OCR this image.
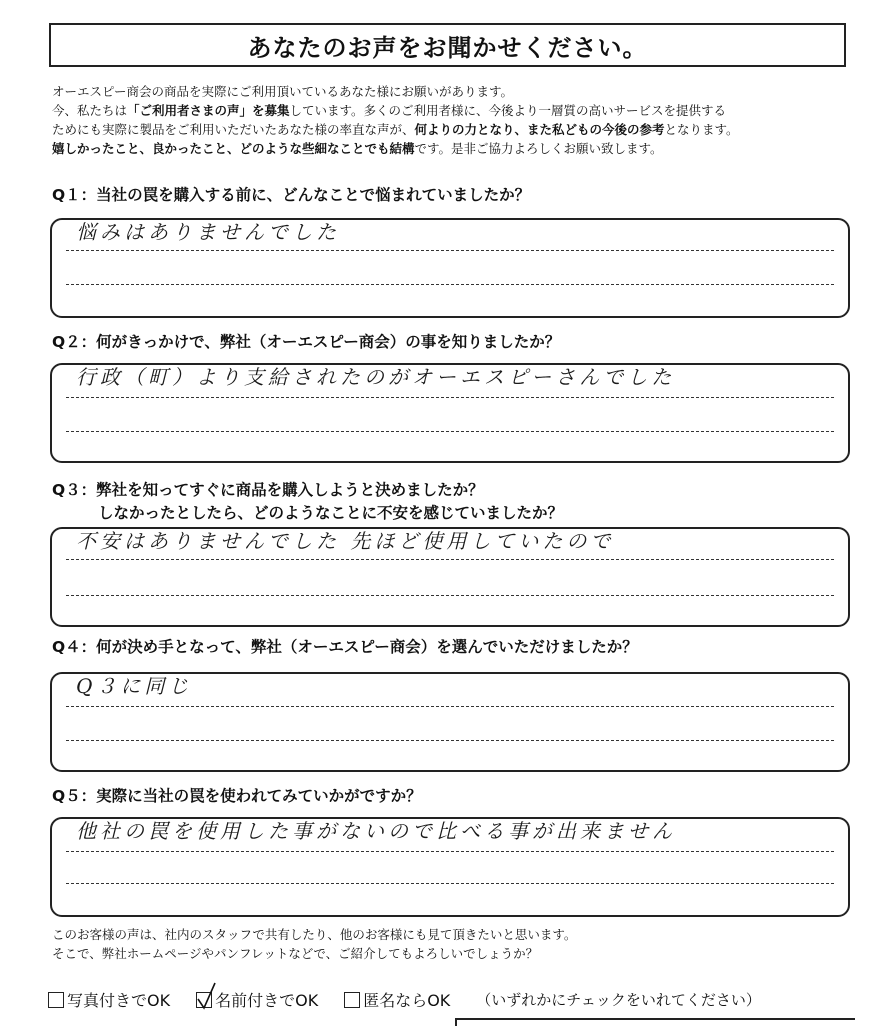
あなたのお声をお聞かせください。
オーエスピー商会の商品を実際にご利用頂いているあなた様にお願いがあります。
今、私たちは「ご利用者さまの声」を募集しています。多くのご利用者様に、今後より一層質の高いサービスを提供する
ためにも実際に製品をご利用いただいたあなた様の率直な声が、何よりの力となり、また私どもの今後の参考となります。
嬉しかったこと、良かったこと、どのような些細なことでも結構です。是非ご協力よろしくお願い致します。
Q１：当社の罠を購入する前に、どんなことで悩まれていましたか？
悩みはありませんでした
Q２：何がきっかけで、弊社（オーエスピー商会）の事を知りましたか？
行政（町）より支給されたのがオーエスピーさんでした
Q３：弊社を知ってすぐに商品を購入しようと決めましたか？
しなかったとしたら、どのようなことに不安を感じていましたか？
不安はありませんでした 先ほど使用していたので
Q４：何が決め手となって、弊社（オーエスピー商会）を選んでいただけましたか？
Q３に同じ
Q５：実際に当社の罠を使われてみていかがですか？
他社の罠を使用した事がないので比べる事が出来ません
このお客様の声は、社内のスタッフで共有したり、他のお客様にも見て頂きたいと思います。
そこで、弊社ホームページやパンフレットなどで、ご紹介してもよろしいでしょうか？
写真付きでOK	名前付きでOK	匿名ならOK （いずれかにチェックをいれてください）
